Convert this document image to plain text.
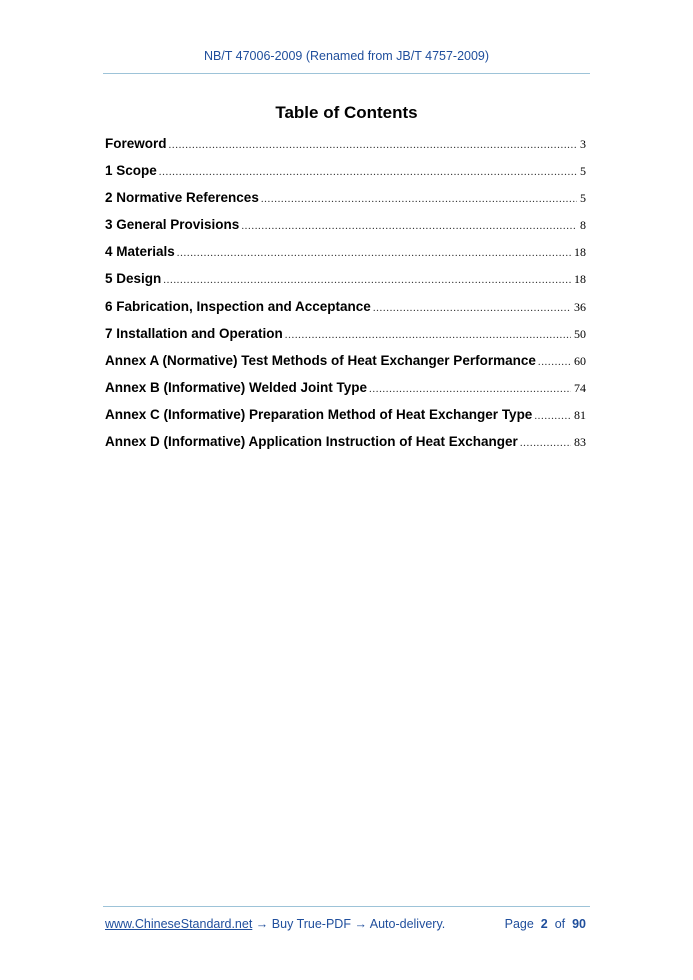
NB/T 47006-2009 (Renamed from JB/T 4757-2009)
Table of Contents
Foreword .....	3
1 Scope .....	5
2 Normative References .....	5
3 General Provisions .....	8
4 Materials .....	18
5 Design .....	18
6 Fabrication, Inspection and Acceptance .....	36
7 Installation and Operation .....	50
Annex A (Normative) Test Methods of Heat Exchanger Performance .....	60
Annex B (Informative) Welded Joint Type .....	74
Annex C (Informative) Preparation Method of Heat Exchanger Type .....	81
Annex D (Informative) Application Instruction of Heat Exchanger .....	83
www.ChineseStandard.net → Buy True-PDF → Auto-delivery.	Page 2 of 90
